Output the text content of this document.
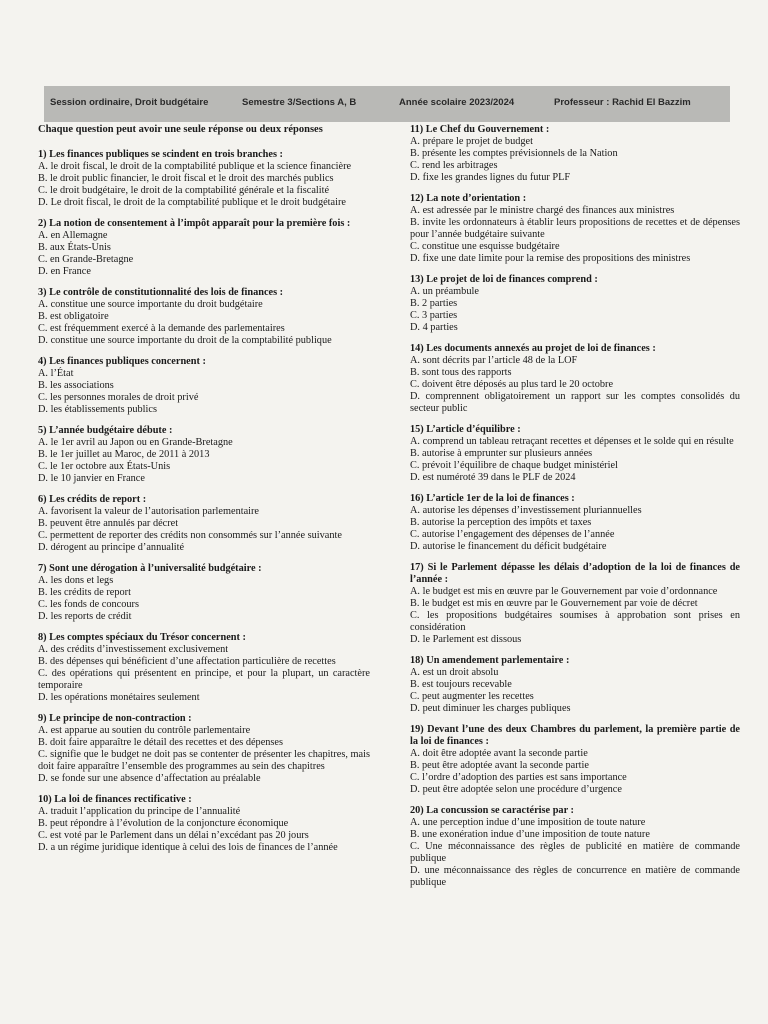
Session ordinaire, Droit budgétaire	Semestre 3/Sections A, B	Année scolaire 2023/2024	Professeur : Rachid El Bazzim
Chaque question peut avoir une seule réponse ou deux réponses
1) Les finances publiques se scindent en trois branches :
A. le droit fiscal, le droit de la comptabilité publique et la science financière
B. le droit public financier, le droit fiscal et le droit des marchés publics
C. le droit budgétaire, le droit de la comptabilité générale et la fiscalité
D. Le droit fiscal, le droit de la comptabilité publique et le droit budgétaire
2) La notion de consentement à l’impôt apparaît pour la première fois :
A. en Allemagne
B. aux États-Unis
C. en Grande-Bretagne
D. en France
3) Le contrôle de constitutionnalité des lois de finances :
A. constitue une source importante du droit budgétaire
B. est obligatoire
C. est fréquemment exercé à la demande des parlementaires
D. constitue une source importante du droit de la comptabilité publique
4) Les finances publiques concernent :
A. l’État
B. les associations
C. les personnes morales de droit privé
D. les établissements publics
5) L’année budgétaire débute :
A. le 1er avril au Japon ou en Grande-Bretagne
B. le 1er juillet au Maroc, de 2011 à 2013
C. le 1er octobre aux États-Unis
D. le 10 janvier en France
6) Les crédits de report :
A. favorisent la valeur de l’autorisation parlementaire
B. peuvent être annulés par décret
C. permettent de reporter des crédits non consommés sur l’année suivante
D. dérogent au principe d’annualité
7) Sont une dérogation à l’universalité budgétaire :
A. les dons et legs
B. les crédits de report
C. les fonds de concours
D. les reports de crédit
8) Les comptes spéciaux du Trésor concernent :
A. des crédits d’investissement exclusivement
B. des dépenses qui bénéficient d’une affectation particulière de recettes
C. des opérations qui présentent en principe, et pour la plupart, un caractère temporaire
D. les opérations monétaires seulement
9) Le principe de non-contraction :
A. est apparue au soutien du contrôle parlementaire
B. doit faire apparaître le détail des recettes et des dépenses
C. signifie que le budget ne doit pas se contenter de présenter les chapitres, mais doit faire apparaître l’ensemble des programmes au sein des chapitres
D. se fonde sur une absence d’affectation au préalable
10) La loi de finances rectificative :
A. traduit l’application du principe de l’annualité
B. peut répondre à l’évolution de la conjoncture économique
C. est voté par le Parlement dans un délai n’excédant pas 20 jours
D. a un régime juridique identique à celui des lois de finances de l’année
11) Le Chef du Gouvernement :
A. prépare le projet de budget
B. présente les comptes prévisionnels de la Nation
C. rend les arbitrages
D. fixe les grandes lignes du futur PLF
12) La note d’orientation :
A. est adressée par le ministre chargé des finances aux ministres
B. invite les ordonnateurs à établir leurs propositions de recettes et de dépenses pour l’année budgétaire suivante
C. constitue une esquisse budgétaire
D. fixe une date limite pour la remise des propositions des ministres
13) Le projet de loi de finances comprend :
A. un préambule
B. 2 parties
C. 3 parties
D. 4 parties
14) Les documents annexés au projet de loi de finances :
A. sont décrits par l’article 48 de la LOF
B. sont tous des rapports
C. doivent être déposés au plus tard le 20 octobre
D. comprennent obligatoirement un rapport sur les comptes consolidés du secteur public
15) L’article d’équilibre :
A. comprend un tableau retraçant recettes et dépenses et le solde qui en résulte
B. autorise à emprunter sur plusieurs années
C. prévoit l’équilibre de chaque budget ministériel
D. est numéroté 39 dans le PLF de 2024
16) L’article 1er de la loi de finances :
A. autorise les dépenses d’investissement pluriannuelles
B. autorise la perception des impôts et taxes
C. autorise l’engagement des dépenses de l’année
D. autorise le financement du déficit budgétaire
17) Si le Parlement dépasse les délais d’adoption de la loi de finances de l’année :
A. le budget est mis en œuvre par le Gouvernement par voie d’ordonnance
B. le budget est mis en œuvre par le Gouvernement par voie de décret
C. les propositions budgétaires soumises à approbation sont prises en considération
D. le Parlement est dissous
18) Un amendement parlementaire :
A. est un droit absolu
B. est toujours recevable
C. peut augmenter les recettes
D. peut diminuer les charges publiques
19) Devant l’une des deux Chambres du parlement, la première partie de la loi de finances :
A. doit être adoptée avant la seconde partie
B. peut être adoptée avant la seconde partie
C. l’ordre d’adoption des parties est sans importance
D. peut être adoptée selon une procédure d’urgence
20) La concussion se caractérise par :
A. une perception indue d’une imposition de toute nature
B. une exonération indue d’une imposition de toute nature
C. Une méconnaissance des règles de publicité en matière de commande publique
D. une méconnaissance des règles de concurrence en matière de commande publique
